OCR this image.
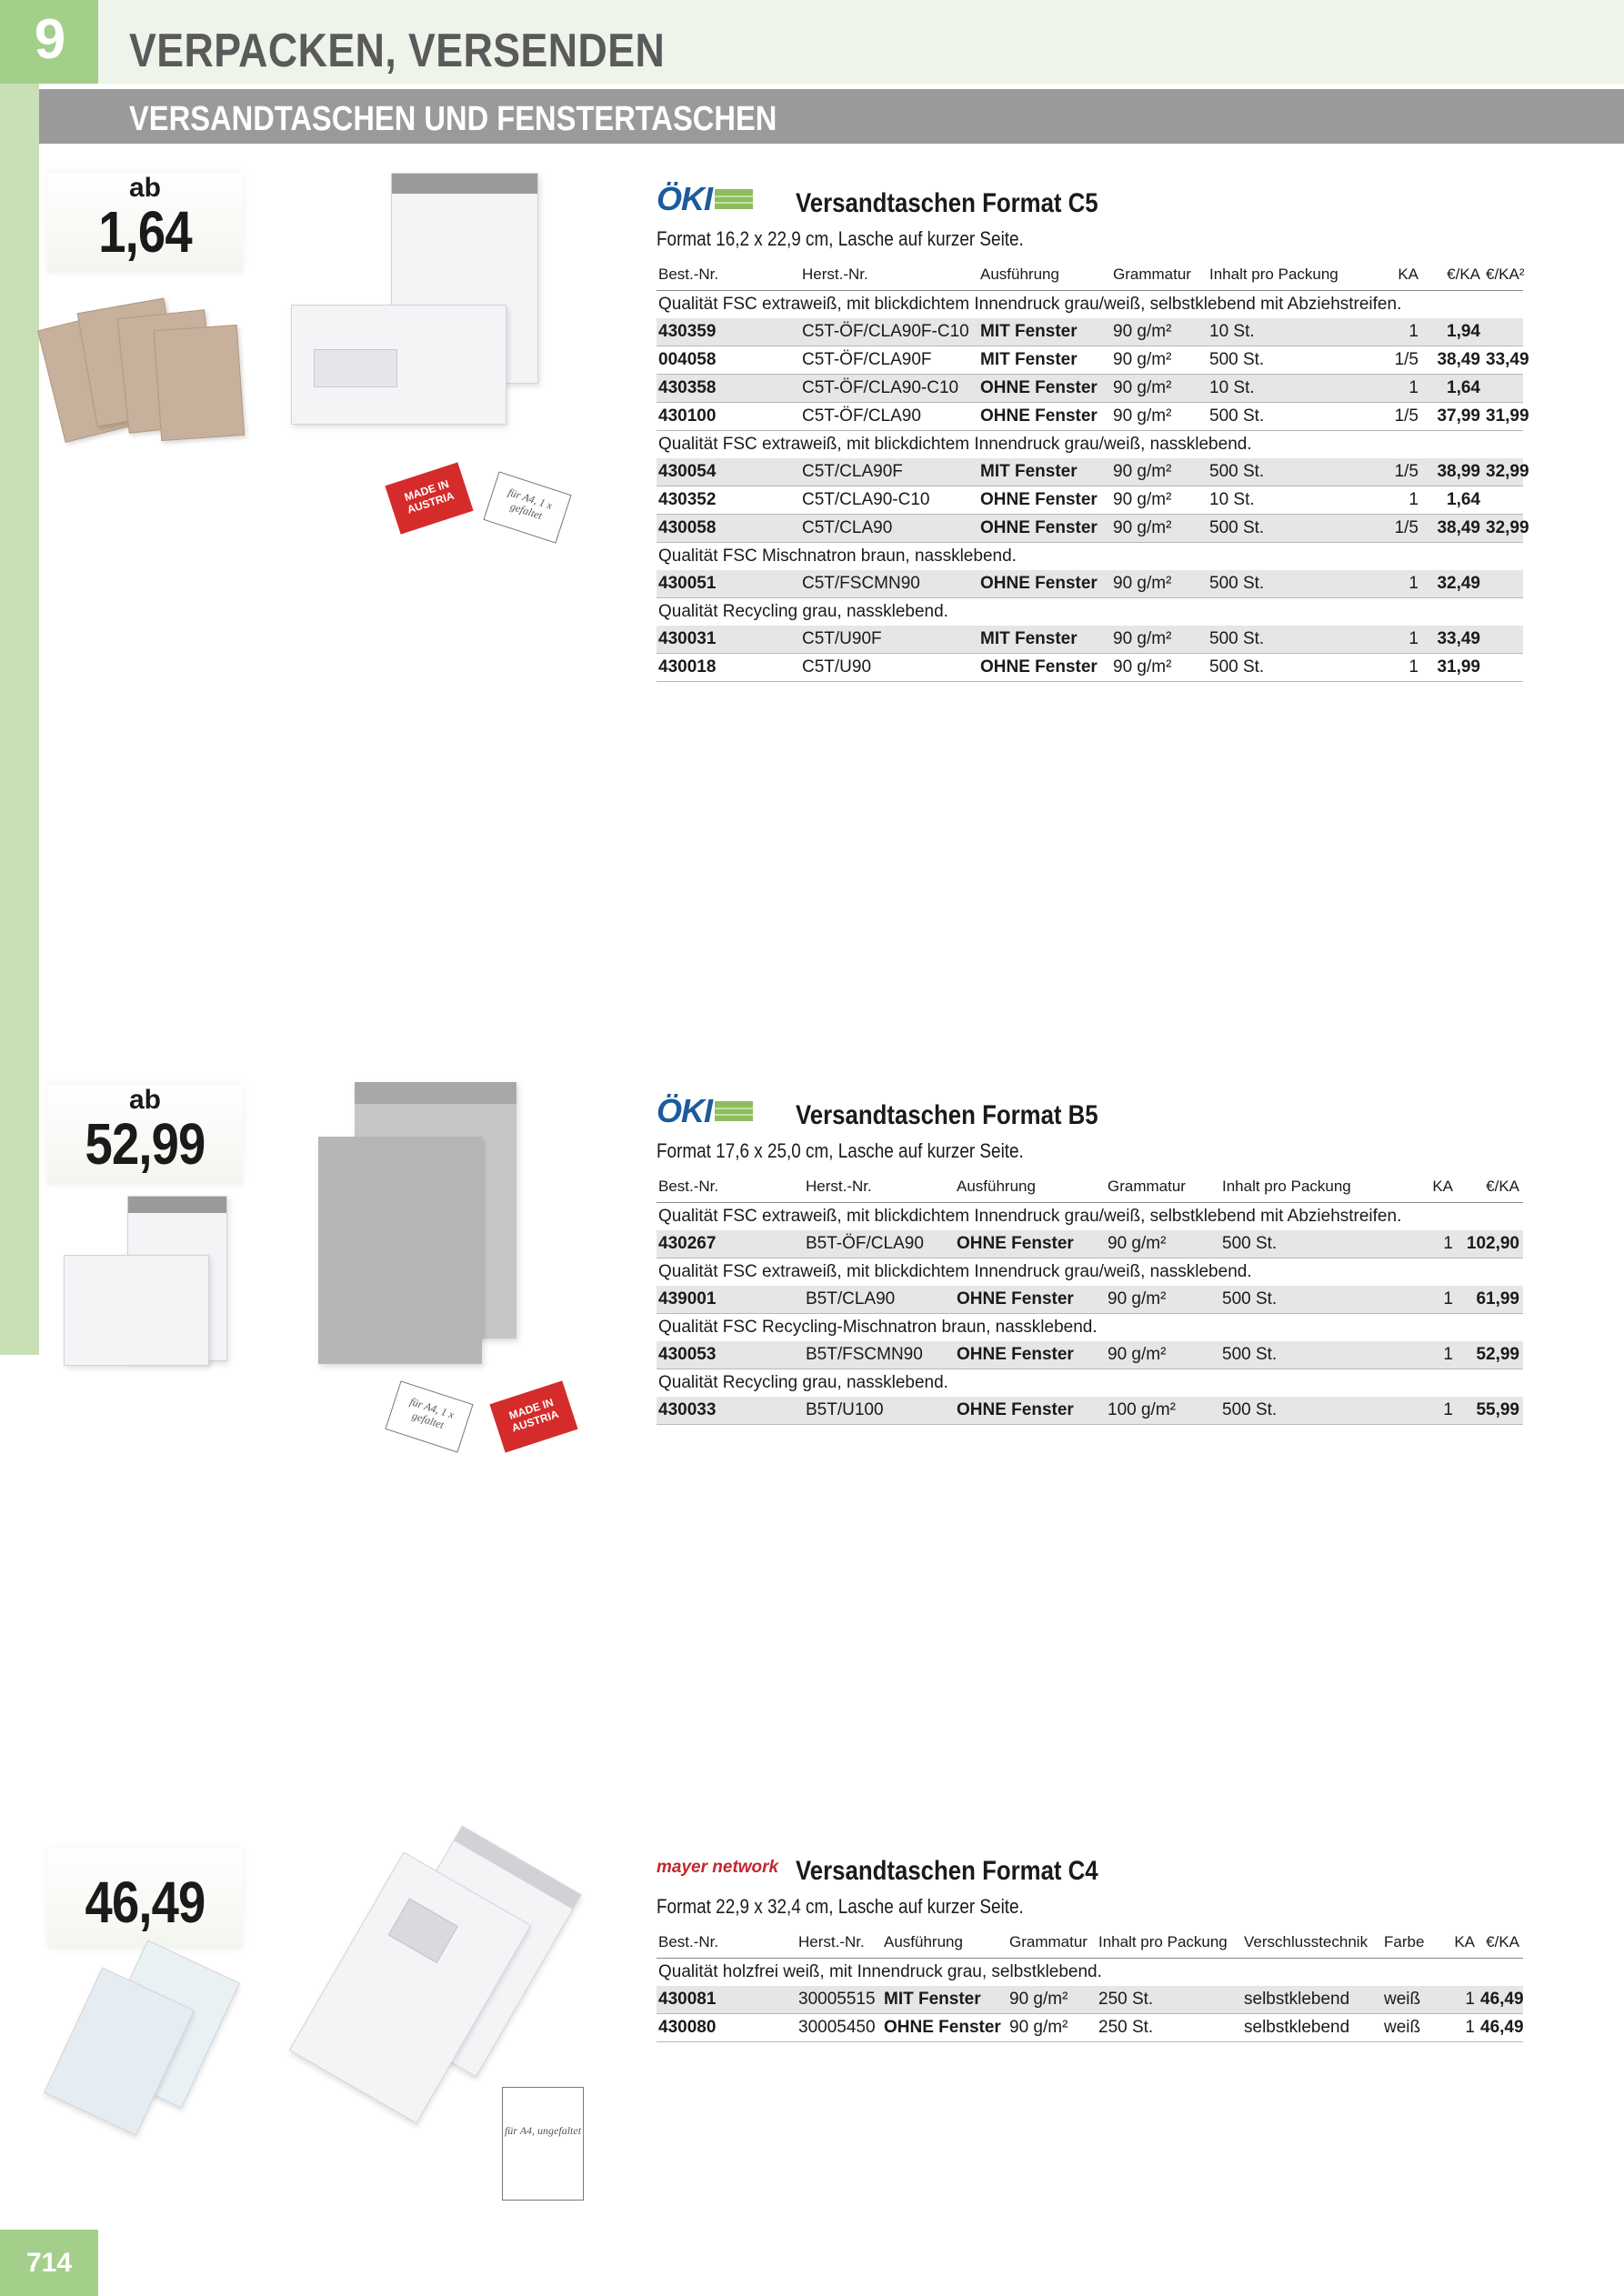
9	VERPACKEN, VERSENDEN
VERSANDTASCHEN UND FENSTERTASCHEN
ab
1,64
MADE IN AUSTRIA	für A4, 1 x gefaltet
ÖKI	Versandtaschen Format C5
Format 16,2 x 22,9 cm, Lasche auf kurzer Seite.
Best.-Nr.	Herst.-Nr.	Ausführung	Grammatur	Inhalt pro Packung	KA	€/KA	€/KA²
Qualität FSC extraweiß, mit blickdichtem Innendruck grau/weiß, selbstklebend mit Abziehstreifen.							
430359	C5T-ÖF/CLA90F-C10	MIT Fenster	90 g/m²	10 St.	1	1,94	
004058	C5T-ÖF/CLA90F	MIT Fenster	90 g/m²	500 St.	1/5	38,49	33,49
430358	C5T-ÖF/CLA90-C10	OHNE Fenster	90 g/m²	10 St.	1	1,64	
430100	C5T-ÖF/CLA90	OHNE Fenster	90 g/m²	500 St.	1/5	37,99	31,99
Qualität FSC extraweiß, mit blickdichtem Innendruck grau/weiß, nassklebend.							
430054	C5T/CLA90F	MIT Fenster	90 g/m²	500 St.	1/5	38,99	32,99
430352	C5T/CLA90-C10	OHNE Fenster	90 g/m²	10 St.	1	1,64	
430058	C5T/CLA90	OHNE Fenster	90 g/m²	500 St.	1/5	38,49	32,99
Qualität FSC Mischnatron braun, nassklebend.							
430051	C5T/FSCMN90	OHNE Fenster	90 g/m²	500 St.	1	32,49	
Qualität Recycling grau, nassklebend.							
430031	C5T/U90F	MIT Fenster	90 g/m²	500 St.	1	33,49	
430018	C5T/U90	OHNE Fenster	90 g/m²	500 St.	1	31,99	
ab
52,99
für A4, 1 x gefaltet	MADE IN AUSTRIA
ÖKI	Versandtaschen Format B5
Format 17,6 x 25,0 cm, Lasche auf kurzer Seite.
Best.-Nr.	Herst.-Nr.	Ausführung	Grammatur	Inhalt pro Packung	KA	€/KA
Qualität FSC extraweiß, mit blickdichtem Innendruck grau/weiß, selbstklebend mit Abziehstreifen.						
430267	B5T-ÖF/CLA90	OHNE Fenster	90 g/m²	500 St.	1	102,90
Qualität FSC extraweiß, mit blickdichtem Innendruck grau/weiß, nassklebend.						
439001	B5T/CLA90	OHNE Fenster	90 g/m²	500 St.	1	61,99
Qualität FSC Recycling-Mischnatron braun, nassklebend.						
430053	B5T/FSCMN90	OHNE Fenster	90 g/m²	500 St.	1	52,99
Qualität Recycling grau, nassklebend.						
430033	B5T/U100	OHNE Fenster	100 g/m²	500 St.	1	55,99
46,49
für A4, ungefaltet
mayer network Versandtaschen Format C4
Format 22,9 x 32,4 cm, Lasche auf kurzer Seite.
Best.-Nr.	Herst.-Nr.	Ausführung	Grammatur	Inhalt pro Packung	Verschlusstechnik	Farbe	KA	€/KA
Qualität holzfrei weiß, mit Innendruck grau, selbstklebend.								
430081	30005515	MIT Fenster	90 g/m²	250 St.	selbstklebend	weiß	1	46,49
430080	30005450	OHNE Fenster	90 g/m²	250 St.	selbstklebend	weiß	1	46,49
714
